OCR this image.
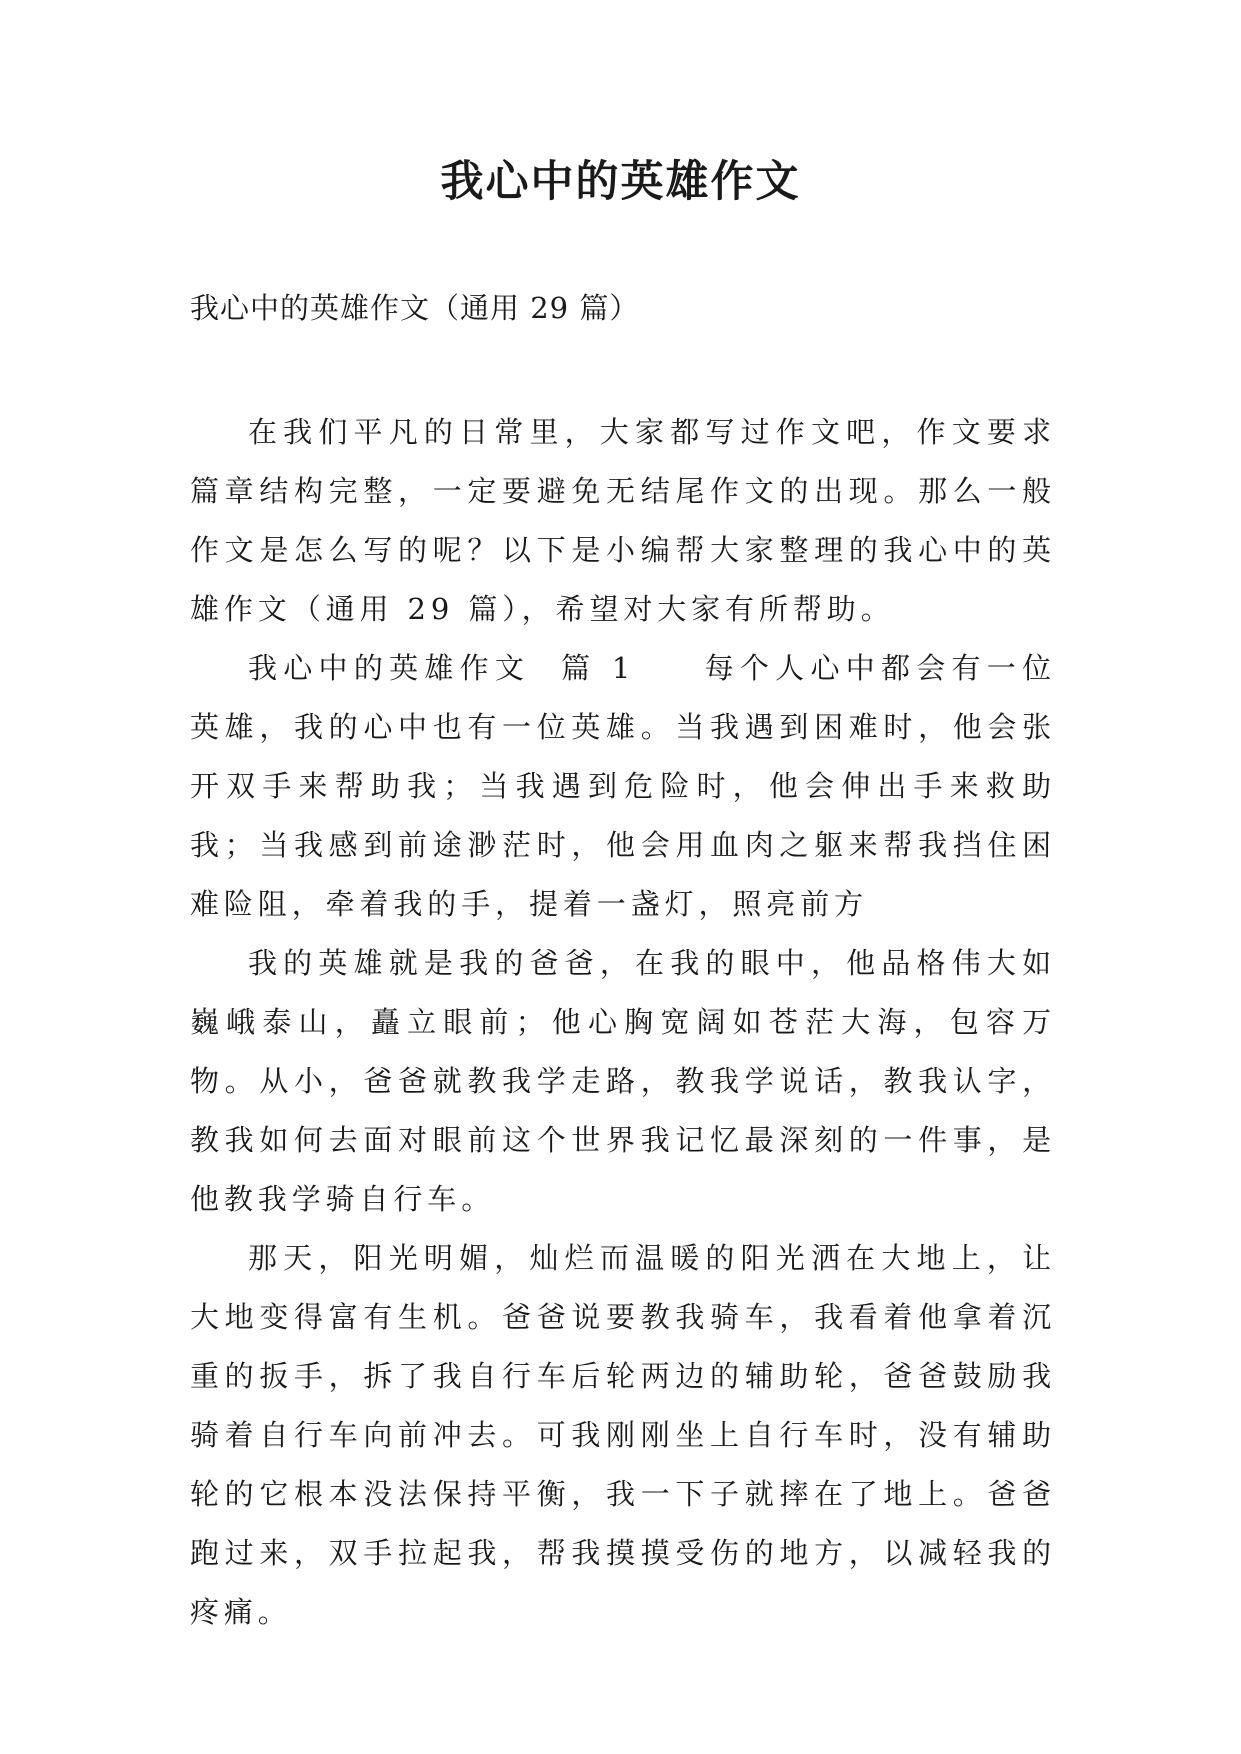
我心中的英雄作文

我心中的英雄作文（通用 29 篇）

在我们平凡的日常里，大家都写过作文吧，作文要求篇章结构完整，一定要避免无结尾作文的出现。那么一般作文是怎么写的呢？以下是小编帮大家整理的我心中的英雄作文（通用 29 篇），希望对大家有所帮助。

我心中的英雄作文  篇 1 每个人心中都会有一位英雄，我的心中也有一位英雄。当我遇到困难时，他会张开双手来帮助我；当我遇到危险时，他会伸出手来救助我；当我感到前途渺茫时，他会用血肉之躯来帮我挡住困难险阻，牵着我的手，提着一盏灯，照亮前方

我的英雄就是我的爸爸，在我的眼中，他品格伟大如巍峨泰山，矗立眼前；他心胸宽阔如苍茫大海，包容万物。从小，爸爸就教我学走路，教我学说话，教我认字，教我如何去面对眼前这个世界我记忆最深刻的一件事，是他教我学骑自行车。

那天，阳光明媚，灿烂而温暖的阳光洒在大地上，让大地变得富有生机。爸爸说要教我骑车，我看着他拿着沉重的扳手，拆了我自行车后轮两边的辅助轮，爸爸鼓励我骑着自行车向前冲去。可我刚刚坐上自行车时，没有辅助轮的它根本没法保持平衡，我一下子就摔在了地上。爸爸跑过来，双手拉起我，帮我摸摸受伤的地方，以减轻我的疼痛。
